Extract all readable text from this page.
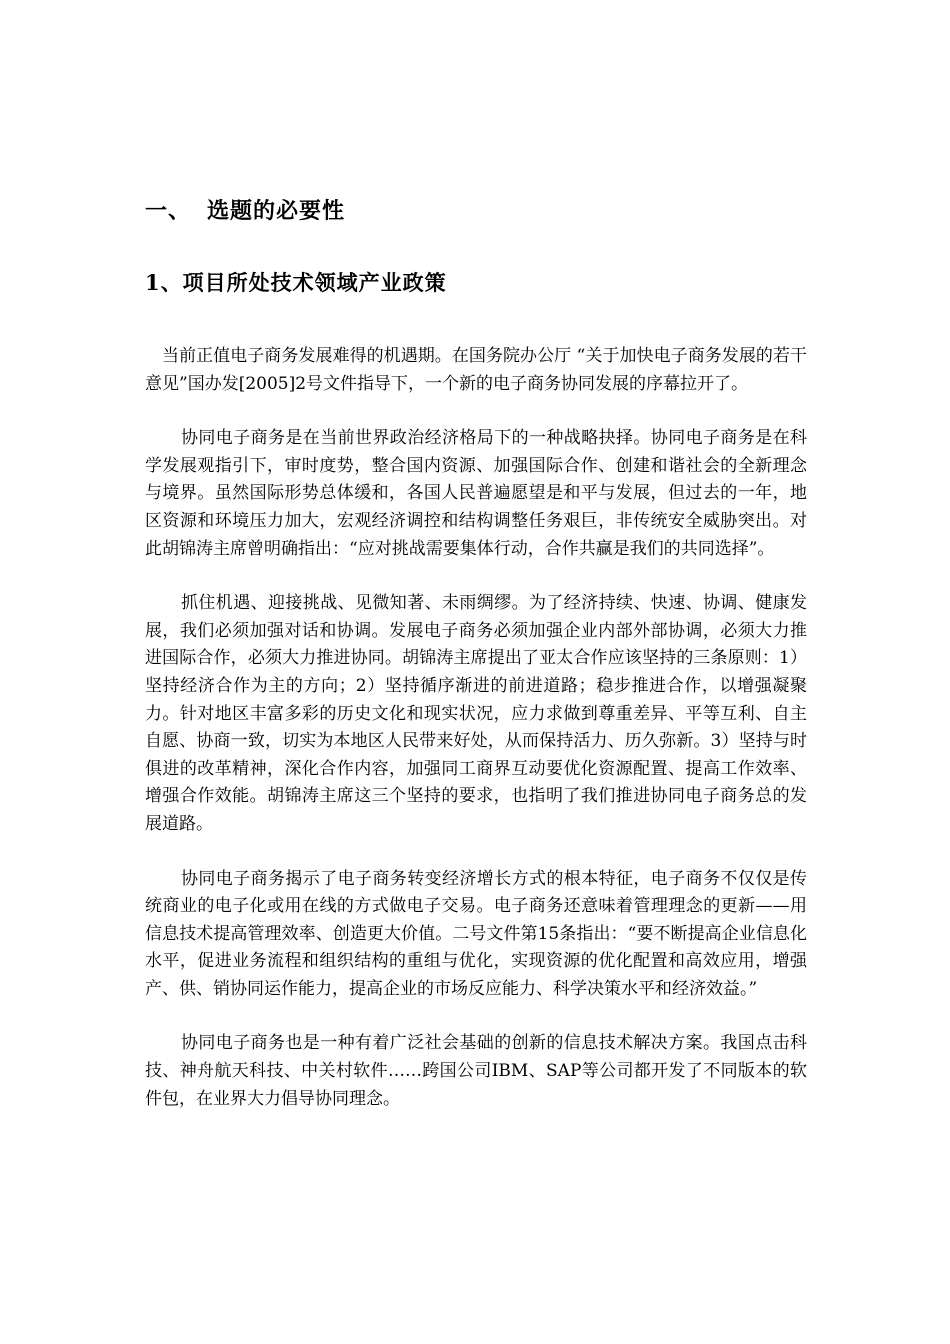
一、 选题的必要性
1、项目所处技术领域产业政策

当前正值电子商务发展难得的机遇期。在国务院办公厅 “关于加快电子商务发展的若干意见”国办发[2005]2号文件指导下，一个新的电子商务协同发展的序幕拉开了。

协同电子商务是在当前世界政治经济格局下的一种战略抉择。协同电子商务是在科学发展观指引下，审时度势，整合国内资源、加强国际合作、创建和谐社会的全新理念与境界。虽然国际形势总体缓和，各国人民普遍愿望是和平与发展，但过去的一年，地区资源和环境压力加大，宏观经济调控和结构调整任务艰巨，非传统安全威胁突出。对此胡锦涛主席曾明确指出：“应对挑战需要集体行动，合作共赢是我们的共同选择”。

抓住机遇、迎接挑战、见微知著、未雨绸缪。为了经济持续、快速、协调、健康发展，我们必须加强对话和协调。发展电子商务必须加强企业内部外部协调，必须大力推进国际合作，必须大力推进协同。胡锦涛主席提出了亚太合作应该坚持的三条原则：1）坚持经济合作为主的方向；2）坚持循序渐进的前进道路；稳步推进合作，以增强凝聚力。针对地区丰富多彩的历史文化和现实状况，应力求做到尊重差异、平等互利、自主自愿、协商一致，切实为本地区人民带来好处，从而保持活力、历久弥新。3）坚持与时俱进的改革精神，深化合作内容，加强同工商界互动要优化资源配置、提高工作效率、增强合作效能。胡锦涛主席这三个坚持的要求，也指明了我们推进协同电子商务总的发展道路。

协同电子商务揭示了电子商务转变经济增长方式的根本特征，电子商务不仅仅是传统商业的电子化或用在线的方式做电子交易。电子商务还意味着管理理念的更新——用信息技术提高管理效率、创造更大价值。二号文件第15条指出：“要不断提高企业信息化水平，促进业务流程和组织结构的重组与优化，实现资源的优化配置和高效应用，增强产、供、销协同运作能力，提高企业的市场反应能力、科学决策水平和经济效益。”

协同电子商务也是一种有着广泛社会基础的创新的信息技术解决方案。我国点击科技、神舟航天科技、中关村软件……跨国公司IBM、SAP等公司都开发了不同版本的软件包，在业界大力倡导协同理念。
